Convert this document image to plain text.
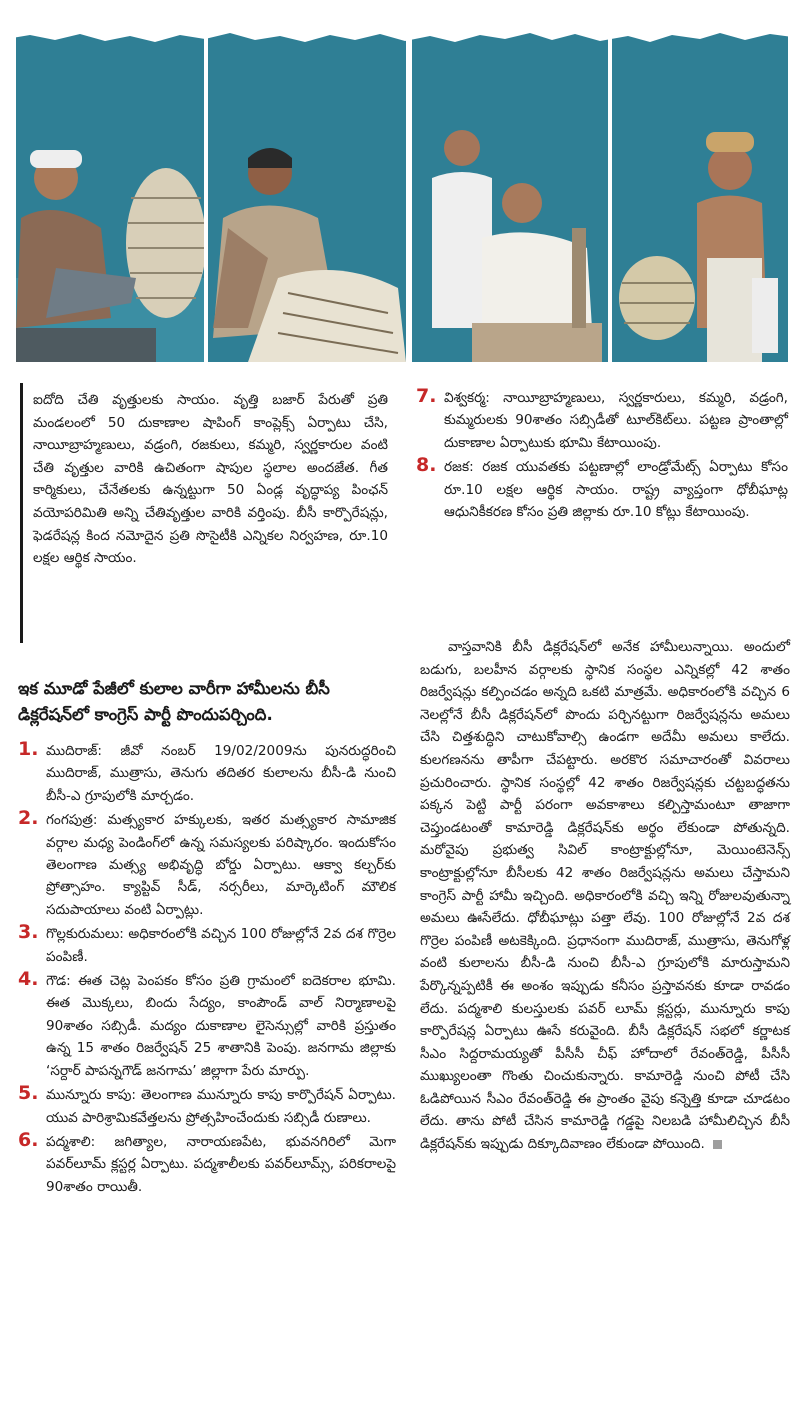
ఐదోది చేతి వృత్తులకు సాయం. వృత్తి బజార్ పేరుతో ప్రతి మండలంలో 50 దుకాణాల షాపింగ్ కాంప్లెక్స్ ఏర్పాటు చేసి, నాయీబ్రాహ్మణులు, వడ్రంగి, రజకులు, కమ్మరి, స్వర్ణకారుల వంటి చేతి వృత్తుల వారికి ఉచితంగా షాపుల స్థలాల అందజేత. గీత కార్మికులు, చేనేతలకు ఉన్నట్టుగా 50 ఏండ్ల వృద్ధాప్య పింఛన్ వయోపరిమితి అన్ని చేతివృత్తుల వారికి వర్తింపు. బీసీ కార్పొరేషన్లు, ఫెడరేషన్ల కింద నమోదైన ప్రతి సొసైటీకి ఎన్నికల నిర్వహణ, రూ.10 లక్షల ఆర్థిక సాయం.

ఇక మూడో పేజీలో కులాల వారీగా హామీలను బీసీ డిక్లరేషన్‌లో కాంగ్రెస్ పార్టీ పొందుపర్చింది.
1. ముదిరాజ్: జీవో నంబర్ 19/02/2009ను పునరుద్ధరించి ముదిరాజ్, ముత్రాసు, తెనుగు తదితర కులాలను బీసీ-డి నుంచి బీసీ-ఎ గ్రూపులోకి మార్చడం.
2. గంగపుత్ర: మత్స్యకార హక్కులకు, ఇతర మత్స్యకార సామాజిక వర్గాల మధ్య పెండింగ్‌లో ఉన్న సమస్యలకు పరిష్కారం. ఇందుకోసం తెలంగాణ మత్స్య అభివృద్ధి బోర్డు ఏర్పాటు. ఆక్వా కల్చర్‌కు ప్రోత్సాహం. క్యాప్టివ్ సీడ్, నర్సరీలు, మార్కెటింగ్ మౌలిక సదుపాయాలు వంటి ఏర్పాట్లు.
3. గొల్లకురుమలు: అధికారంలోకి వచ్చిన 100 రోజుల్లోనే 2వ దశ గొర్రెల పంపిణీ.
4. గౌడ: ఈత చెట్ల పెంపకం కోసం ప్రతి గ్రామంలో ఐదెకరాల భూమి. ఈత మొక్కలు, బిందు సేద్యం, కాంపౌండ్ వాల్ నిర్మాణాలపై 90శాతం సబ్సిడీ. మద్యం దుకాణాల లైసెన్సుల్లో వారికి ప్రస్తుతం ఉన్న 15 శాతం రిజర్వేషన్ 25 శాతానికి పెంపు. జనగామ జిల్లాకు ‘సర్దార్ పాపన్నగౌడ్ జనగామ’ జిల్లాగా పేరు మార్పు.
5. మున్నూరు కాపు: తెలంగాణ మున్నూరు కాపు కార్పొరేషన్ ఏర్పాటు. యువ పారిశ్రామికవేత్తలను ప్రోత్సహించేందుకు సబ్సిడీ రుణాలు.
6. పద్మశాలి: జగిత్యాల, నారాయణపేట, భువనగిరిలో మెగా పవర్‌లూమ్ క్లస్టర్ల ఏర్పాటు. పద్మశాలీలకు పవర్‌లూమ్స్, పరికరాలపై 90శాతం రాయితీ.
7. విశ్వకర్మ: నాయీబ్రాహ్మణులు, స్వర్ణకారులు, కమ్మరి, వడ్రంగి, కుమ్మరులకు 90శాతం సబ్సిడీతో టూల్‌కిట్‌లు. పట్టణ ప్రాంతాల్లో దుకాణాల ఏర్పాటుకు భూమి కేటాయింపు.
8. రజక: రజక యువతకు పట్టణాల్లో లాండ్రోమేట్స్ ఏర్పాటు కోసం రూ.10 లక్షల ఆర్థిక సాయం. రాష్ట్ర వ్యాప్తంగా ధోబీఘాట్ల ఆధునికీకరణ కోసం ప్రతి జిల్లాకు రూ.10 కోట్లు కేటాయింపు.

వాస్తవానికి బీసీ డిక్లరేషన్‌లో అనేక హామీలున్నాయి. అందులో బడుగు, బలహీన వర్గాలకు స్థానిక సంస్థల ఎన్నికల్లో 42 శాతం రిజర్వేషన్లు కల్పించడం అన్నది ఒకటి మాత్రమే. అధికారంలోకి వచ్చిన 6 నెలల్లోనే బీసీ డిక్లరేషన్‌లో పొందు పర్చినట్టుగా రిజర్వేషన్లను అమలు చేసి చిత్తశుద్ధిని చాటుకోవాల్సి ఉండగా అదేమీ అమలు కాలేదు. కులగణనను తాపీగా చేపట్టారు. అరకొర సమాచారంతో వివరాలు ప్రచురించారు. స్థానిక సంస్థల్లో 42 శాతం రిజర్వేషన్లకు చట్టబద్ధతను పక్కన పెట్టి పార్టీ పరంగా అవకాశాలు కల్పిస్తామంటూ తాజాగా చెప్తుండటంతో కామారెడ్డి డిక్లరేషన్‌కు అర్థం లేకుండా పోతున్నది. మరోవైపు ప్రభుత్వ సివిల్ కాంట్రాక్టుల్లోనూ, మెయింటెనెన్స్ కాంట్రాక్టుల్లోనూ బీసీలకు 42 శాతం రిజర్వేషన్లను అమలు చేస్తామని కాంగ్రెస్ పార్టీ హామీ ఇచ్చింది. అధికారంలోకి వచ్చి ఇన్ని రోజులవుతున్నా అమలు ఊసేలేదు. ధోబీఘాట్లు పత్తా లేవు. 100 రోజుల్లోనే 2వ దశ గొర్రెల పంపిణీ అటకెక్కింది. ప్రధానంగా ముదిరాజ్, ముత్రాసు, తెనుగోళ్ల వంటి కులాలను బీసీ-డి నుంచి బీసీ-ఎ గ్రూపులోకి మారుస్తామని పేర్కొన్నప్పటికీ ఈ అంశం ఇప్పుడు కనీసం ప్రస్తావనకు కూడా రావడం లేదు. పద్మశాలి కులస్తులకు పవర్ లూమ్ క్లస్టర్లు, మున్నూరు కాపు కార్పొరేషన్ల ఏర్పాటు ఊసే కరువైంది. బీసీ డిక్లరేషన్ సభలో కర్ణాటక సీఎం సిద్దరామయ్యతో పీసీసీ చీఫ్ హోదాలో రేవంత్‌రెడ్డి, పీసీసీ ముఖ్యులంతా గొంతు చించుకున్నారు. కామారెడ్డి నుంచి పోటీ చేసి ఓడిపోయిన సీఎం రేవంత్‌రెడ్డి ఈ ప్రాంతం వైపు కన్నెత్తి కూడా చూడటం లేదు. తాను పోటీ చేసిన కామారెడ్డి గడ్డపై నిలబడి హామీలిచ్చిన బీసీ డిక్లరేషన్‌కు ఇప్పుడు దిక్కూదివాణం లేకుండా పోయింది.
